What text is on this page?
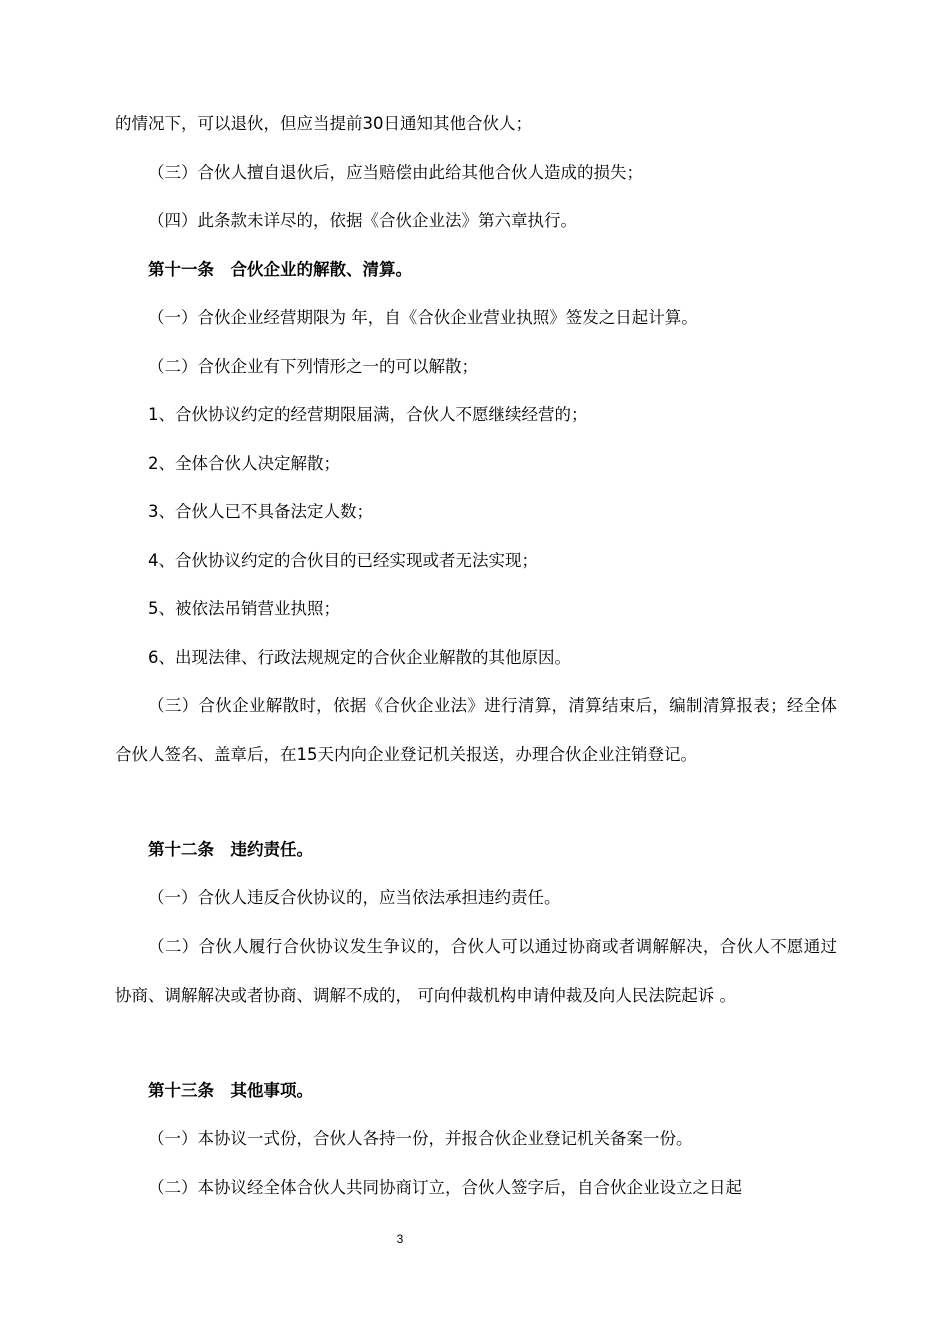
的情况下，可以退伙，但应当提前30日通知其他合伙人；

（三）合伙人擅自退伙后，应当赔偿由此给其他合伙人造成的损失；

（四）此条款未详尽的，依据《合伙企业法》第六章执行。

第十一条　合伙企业的解散、清算。

（一）合伙企业经营期限为 年，自《合伙企业营业执照》签发之日起计算。

（二）合伙企业有下列情形之一的可以解散；

1、合伙协议约定的经营期限届满，合伙人不愿继续经营的；

2、全体合伙人决定解散；

3、合伙人已不具备法定人数；

4、合伙协议约定的合伙目的已经实现或者无法实现；

5、被依法吊销营业执照；

6、出现法律、行政法规规定的合伙企业解散的其他原因。

（三）合伙企业解散时，依据《合伙企业法》进行清算，清算结束后，编制清算报表；经全体合伙人签名、盖章后，在15天内向企业登记机关报送，办理合伙企业注销登记。

第十二条　违约责任。

（一）合伙人违反合伙协议的，应当依法承担违约责任。

（二）合伙人履行合伙协议发生争议的，合伙人可以通过协商或者调解解决，合伙人不愿通过协商、调解解决或者协商、调解不成的， 可向仲裁机构申请仲裁及向人民法院起诉 。

第十三条　其他事项。

（一）本协议一式份，合伙人各持一份，并报合伙企业登记机关备案一份。

（二）本协议经全体合伙人共同协商订立，合伙人签字后，自合伙企业设立之日起

3
